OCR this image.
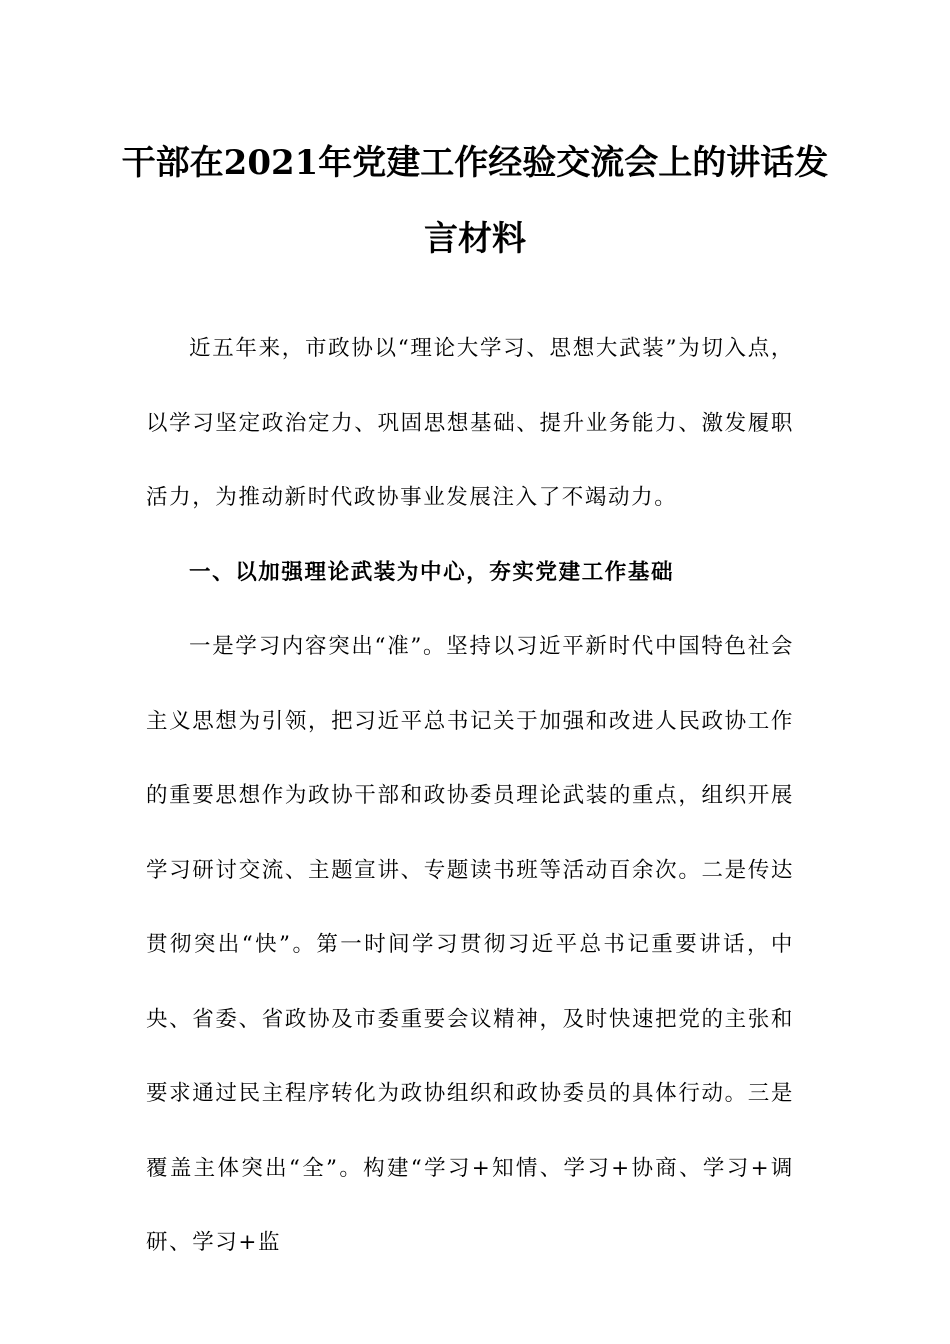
干部在2021年党建工作经验交流会上的讲话发言材料

近五年来，市政协以“理论大学习、思想大武装”为切入点，以学习坚定政治定力、巩固思想基础、提升业务能力、激发履职活力，为推动新时代政协事业发展注入了不竭动力。

一、以加强理论武装为中心，夯实党建工作基础

一是学习内容突出“准”。坚持以习近平新时代中国特色社会主义思想为引领，把习近平总书记关于加强和改进人民政协工作的重要思想作为政协干部和政协委员理论武装的重点，组织开展学习研讨交流、主题宣讲、专题读书班等活动百余次。二是传达贯彻突出“快”。第一时间学习贯彻习近平总书记重要讲话，中央、省委、省政协及市委重要会议精神，及时快速把党的主张和要求通过民主程序转化为政协组织和政协委员的具体行动。三是覆盖主体突出“全”。构建“学习+知情、学习+协商、学习+调研、学习+监
